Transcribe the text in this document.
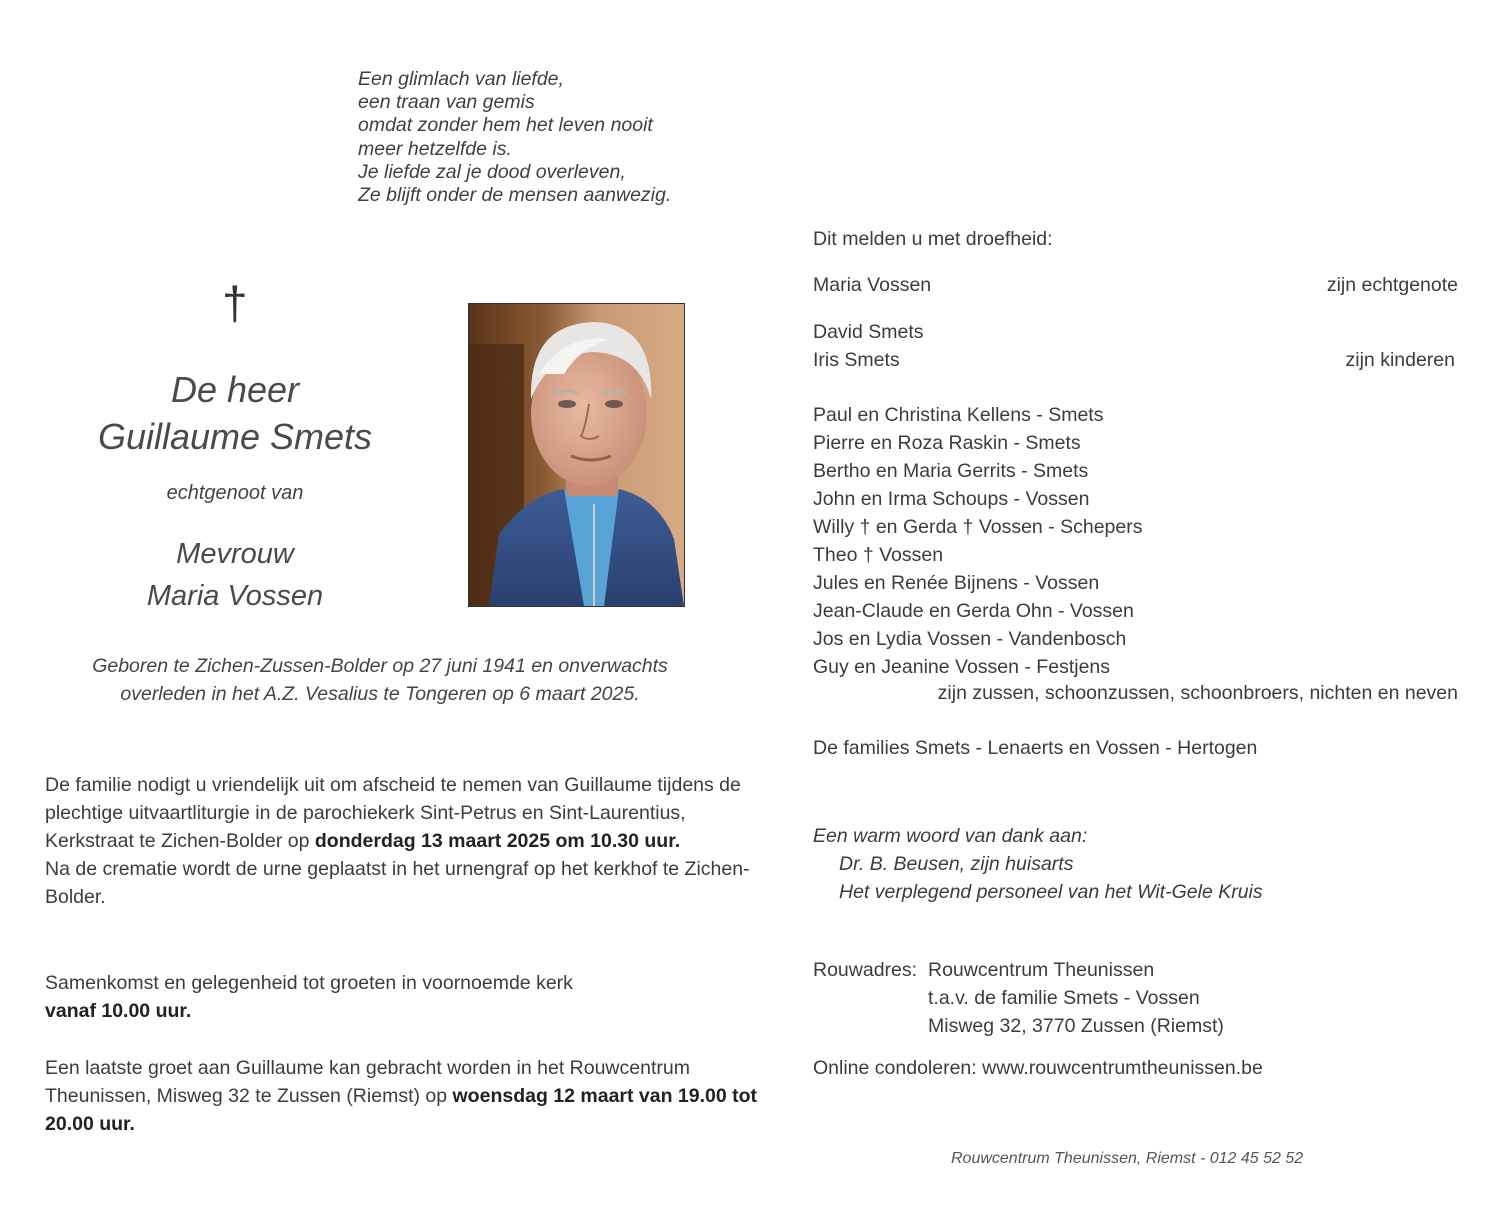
Een glimlach van liefde,
een traan van gemis
omdat zonder hem het leven nooit
meer hetzelfde is.
Je liefde zal je dood overleven,
Ze blijft onder de mensen aanwezig.
†
De heer
Guillaume Smets
echtgenoot van
Mevrouw
Maria Vossen
Geboren te Zichen-Zussen-Bolder op 27 juni 1941 en onverwachts
overleden in het A.Z. Vesalius te Tongeren op 6 maart 2025.
De familie nodigt u vriendelijk uit om afscheid te nemen van Guillaume tijdens de plechtige uitvaartliturgie in de parochiekerk Sint-Petrus en Sint-Laurentius, Kerkstraat te Zichen-Bolder op donderdag 13 maart 2025 om 10.30 uur.
Na de crematie wordt de urne geplaatst in het urnengraf op het kerkhof te Zichen-Bolder.
Samenkomst en gelegenheid tot groeten in voornoemde kerk
vanaf 10.00 uur.
Een laatste groet aan Guillaume kan gebracht worden in het Rouwcentrum Theunissen, Misweg 32 te Zussen (Riemst) op woensdag 12 maart van 19.00 tot 20.00 uur.
Dit melden u met droefheid:
Maria Vossen	zijn echtgenote
David Smets
Iris Smets	zijn kinderen
Paul en Christina Kellens - Smets
Pierre en Roza Raskin - Smets
Bertho en Maria Gerrits - Smets
John en Irma Schoups - Vossen
Willy † en Gerda † Vossen - Schepers
Theo † Vossen
Jules en Renée Bijnens - Vossen
Jean-Claude en Gerda Ohn - Vossen
Jos en Lydia Vossen - Vandenbosch
Guy en Jeanine Vossen - Festjens
zijn zussen, schoonzussen, schoonbroers, nichten en neven
De families Smets - Lenaerts en Vossen - Hertogen
Een warm woord van dank aan:
Dr. B. Beusen, zijn huisarts
Het verplegend personeel van het Wit-Gele Kruis
Rouwadres: Rouwcentrum Theunissen
t.a.v. de familie Smets - Vossen
Misweg 32, 3770 Zussen (Riemst)
Online condoleren: www.rouwcentrumtheunissen.be
Rouwcentrum Theunissen, Riemst - 012 45 52 52
